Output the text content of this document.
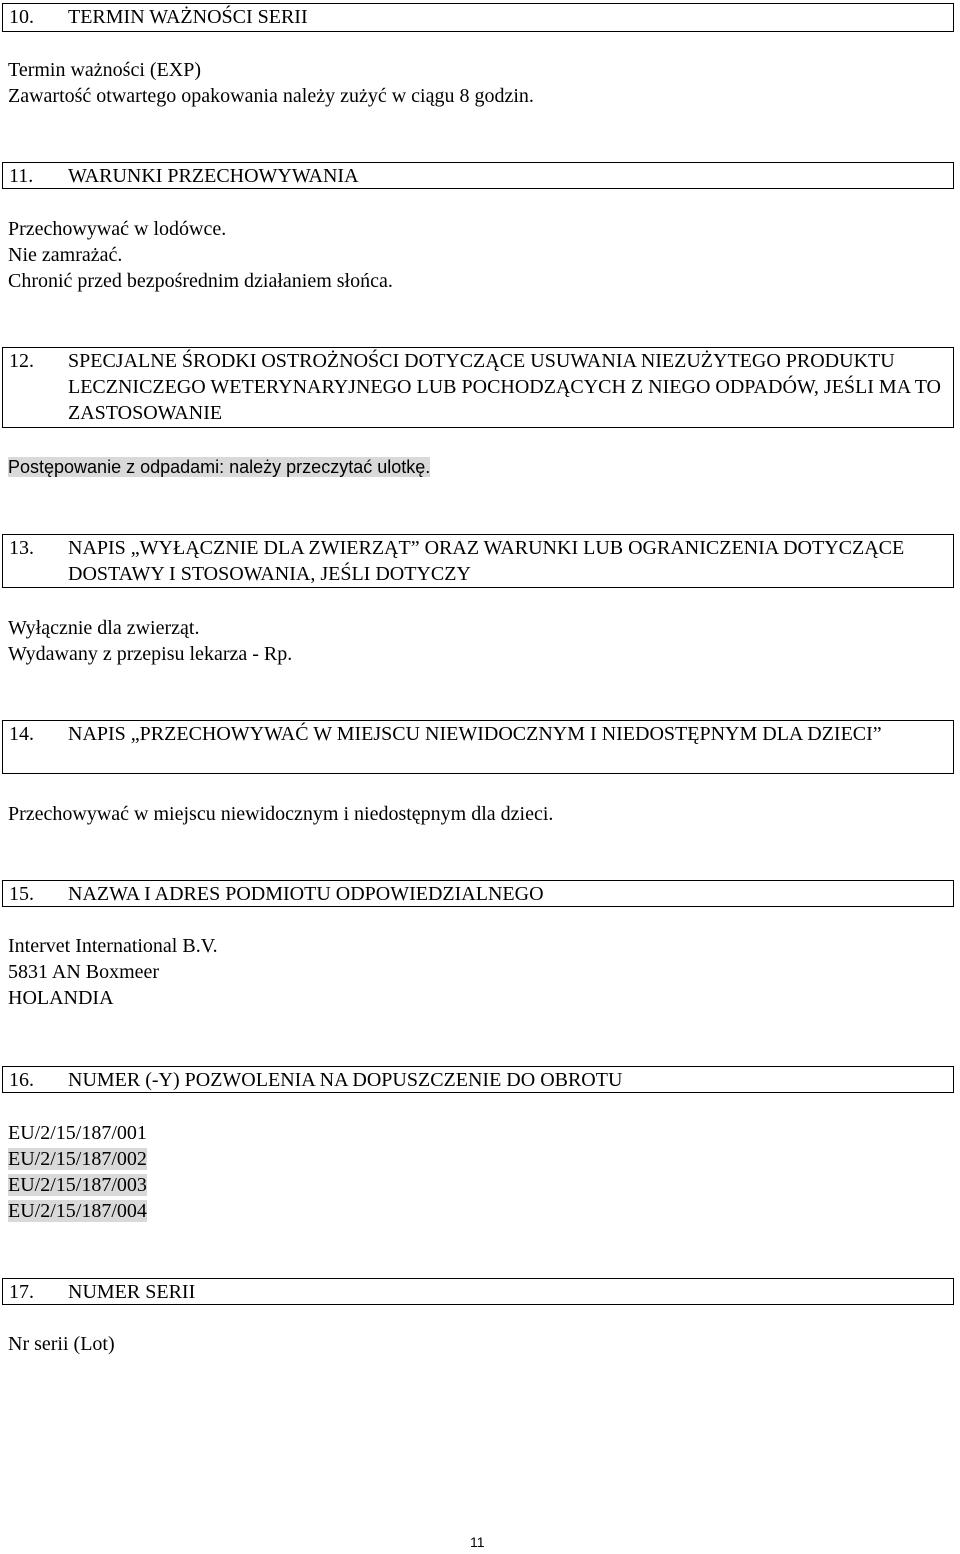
10. TERMIN WAŻNOŚCI SERII
Termin ważności (EXP)
Zawartość otwartego opakowania należy zużyć w ciągu 8 godzin.
11. WARUNKI PRZECHOWYWANIA
Przechowywać w lodówce.
Nie zamrażać.
Chronić przed bezpośrednim działaniem słońca.
12. SPECJALNE ŚRODKI OSTROŻNOŚCI DOTYCZĄCE USUWANIA NIEZUŻYTEGO PRODUKTU LECZNICZEGO WETERYNARYJNEGO LUB POCHODZĄCYCH Z NIEGO ODPADÓW, JEŚLI MA TO ZASTOSOWANIE
Postępowanie z odpadami: należy przeczytać ulotkę.
13. NAPIS „WYŁĄCZNIE DLA ZWIERZĄT” ORAZ WARUNKI LUB OGRANICZENIA DOTYCZĄCE DOSTAWY I STOSOWANIA, JEŚLI DOTYCZY
Wyłącznie dla zwierząt.
Wydawany z przepisu lekarza - Rp.
14. NAPIS „PRZECHOWYWAĆ W MIEJSCU NIEWIDOCZNYM I NIEDOSTĘPNYM DLA DZIECI”
Przechowywać w miejscu niewidocznym i niedostępnym dla dzieci.
15. NAZWA I ADRES PODMIOTU ODPOWIEDZIALNEGO
Intervet International B.V.
5831 AN Boxmeer
HOLANDIA
16. NUMER (-Y) POZWOLENIA NA DOPUSZCZENIE DO OBROTU
EU/2/15/187/001
EU/2/15/187/002
EU/2/15/187/003
EU/2/15/187/004
17. NUMER SERII
Nr serii (Lot)
11
